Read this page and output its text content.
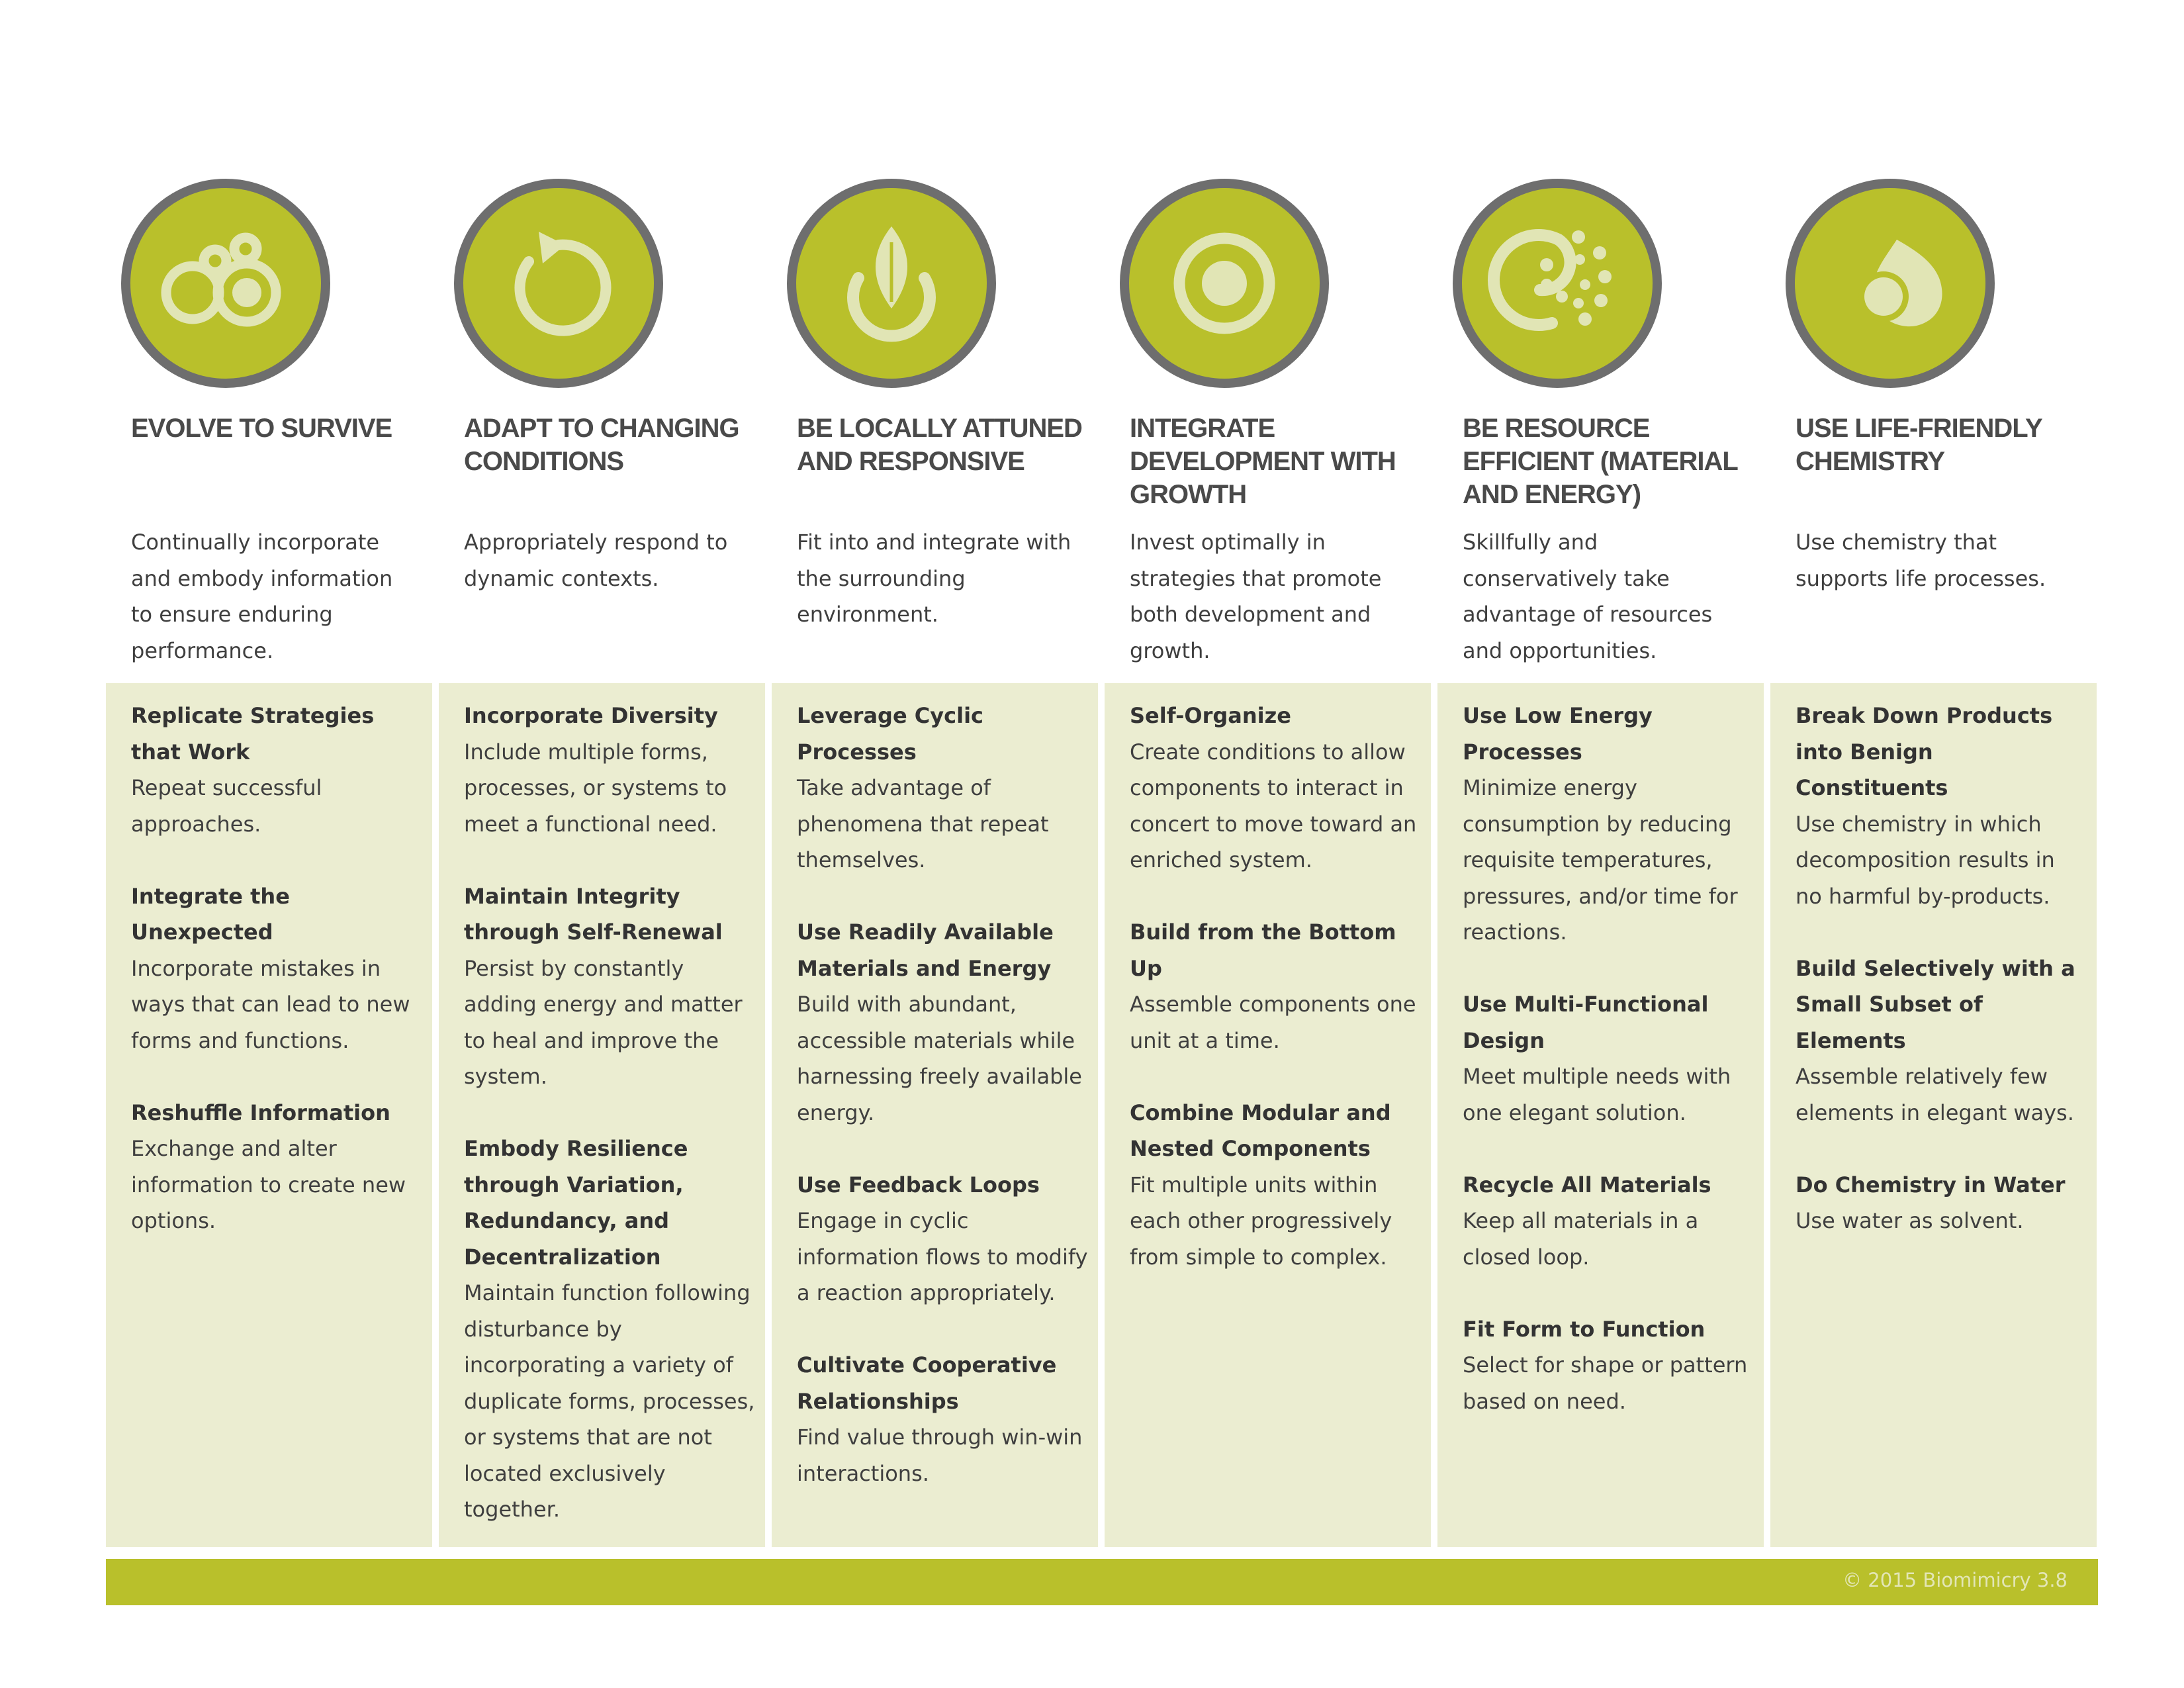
EVOLVE TO SURVIVE
Continually incorporate and embody information to ensure enduring performance.
Replicate Strategies that Work
Repeat successful approaches.
Integrate the Unexpected
Incorporate mistakes in ways that can lead to new forms and functions.
Reshuffle Information
Exchange and alter information to create new options.
ADAPT TO CHANGING CONDITIONS
Appropriately respond to dynamic contexts.
Incorporate Diversity
Include multiple forms, processes, or systems to meet a functional need.
Maintain Integrity through Self-Renewal
Persist by constantly adding energy and matter to heal and improve the system.
Embody Resilience through Variation, Redundancy, and Decentralization
Maintain function following disturbance by incorporating a variety of duplicate forms, processes, or systems that are not located exclusively together.
BE LOCALLY ATTUNED AND RESPONSIVE
Fit into and integrate with the surrounding environment.
Leverage Cyclic Processes
Take advantage of phenomena that repeat themselves.
Use Readily Available Materials and Energy
Build with abundant, accessible materials while harnessing freely available energy.
Use Feedback Loops
Engage in cyclic information flows to modify a reaction appropriately.
Cultivate Cooperative Relationships
Find value through win-win interactions.
INTEGRATE DEVELOPMENT WITH GROWTH
Invest optimally in strategies that promote both development and growth.
Self-Organize
Create conditions to allow components to interact in concert to move toward an enriched system.
Build from the Bottom Up
Assemble components one unit at a time.
Combine Modular and Nested Components
Fit multiple units within each other progressively from simple to complex.
BE RESOURCE EFFICIENT (MATERIAL AND ENERGY)
Skillfully and conservatively take advantage of resources and opportunities.
Use Low Energy Processes
Minimize energy consumption by reducing requisite temperatures, pressures, and/or time for reactions.
Use Multi-Functional Design
Meet multiple needs with one elegant solution.
Recycle All Materials
Keep all materials in a closed loop.
Fit Form to Function
Select for shape or pattern based on need.
USE LIFE-FRIENDLY CHEMISTRY
Use chemistry that supports life processes.
Break Down Products into Benign Constituents
Use chemistry in which decomposition results in no harmful by-products.
Build Selectively with a Small Subset of Elements
Assemble relatively few elements in elegant ways.
Do Chemistry in Water
Use water as solvent.
© 2015 Biomimicry 3.8
